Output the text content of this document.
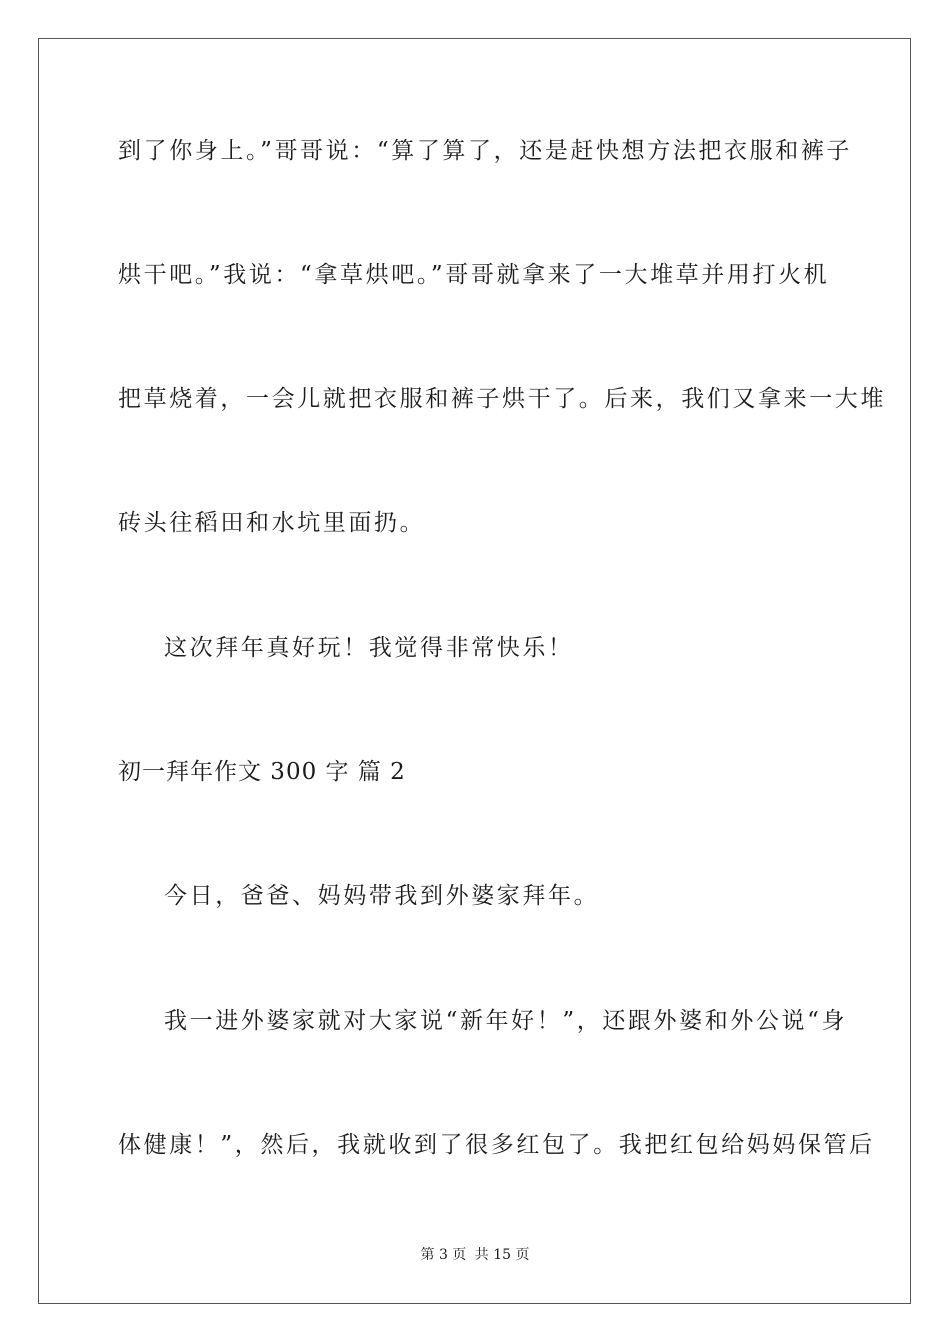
到了你身上。”哥哥说：“算了算了，还是赶快想方法把衣服和裤子
烘干吧。”我说：“拿草烘吧。”哥哥就拿来了一大堆草并用打火机
把草烧着，一会儿就把衣服和裤子烘干了。后来，我们又拿来一大堆
砖头往稻田和水坑里面扔。
这次拜年真好玩！我觉得非常快乐！
初一拜年作文 300 字 篇 2
今日，爸爸、妈妈带我到外婆家拜年。
我一进外婆家就对大家说“新年好！”，还跟外婆和外公说“身
体健康！”，然后，我就收到了很多红包了。我把红包给妈妈保管后
第 3 页 共 15 页
